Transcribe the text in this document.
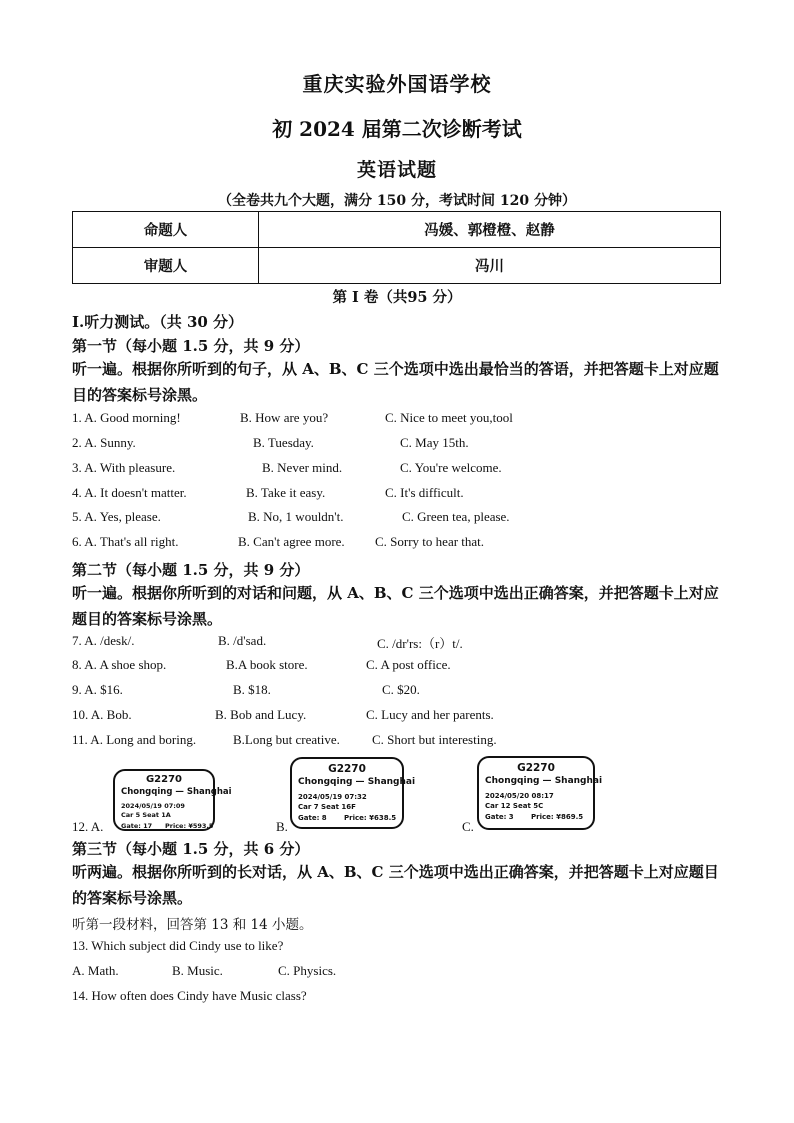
重庆实验外国语学校
初 2024 届第二次诊断考试
英语试题
（全卷共九个大题，满分 150 分，考试时间 120 分钟）
命题人	冯媛、郭橙橙、赵静
审题人	冯川
第 I 卷（共95 分）
Ⅰ.听力测试。（共 30 分）
第一节（每小题 1.5 分，共 9 分）
听一遍。根据你所听到的句子，从 A、B、C 三个选项中选出最恰当的答语，并把答题卡上对应题目的答案标号涂黑。
1. A. Good morning!	B. How are you?	C. Nice to meet you,tool
2. A. Sunny.	B. Tuesday.	C. May 15th.
3. A. With pleasure.	B. Never mind.	C. You're welcome.
4. A. It doesn't matter.	B. Take it easy.	C. It's difficult.
5. A. Yes, please.	B. No, 1 wouldn't.	C. Green tea, please.
6. A. That's all right.	B. Can't agree more. C. Sorry to hear that.
第二节（每小题 1.5 分，共 9 分）
听一遍。根据你所听到的对话和问题，从 A、B、C 三个选项中选出正确答案，并把答题卡上对应题目的答案标号涂黑。
7. A. /desk/.	B. /d'sad.	C. /dr'rs:（r）t/.
8. A. A shoe shop.	B.A book store.	C. A post office.
9. A. $16.	B. $18.	C. $20.
10. A. Bob.	B. Bob and Lucy.	C. Lucy and her parents.
11. A. Long and boring.	B.Long but creative. C. Short but interesting.
12. A.
G2270
Chongqing — Shanghai
2024/05/19 07:09
Car 5 Seat 1A
Gate: 17 Price: ¥593.5	B.
G2270
Chongqing — Shanghai
2024/05/19 07:32
Car 7 Seat 16F
Gate: 8 Price: ¥638.5
C.
G2270
Chongqing — Shanghai
2024/05/20 08:17
Car 12 Seat 5C
Gate: 3 Price: ¥869.5
第三节（每小题 1.5 分，共 6 分）
听两遍。根据你所听到的长对话，从 A、B、C 三个选项中选出正确答案，并把答题卡上对应题目的答案标号涂黑。
听第一段材料，回答第 13 和 14 小题。
13. Which subject did Cindy use to like?
A. Math.	B. Music.	C. Physics.
14. How often does Cindy have Music class?
